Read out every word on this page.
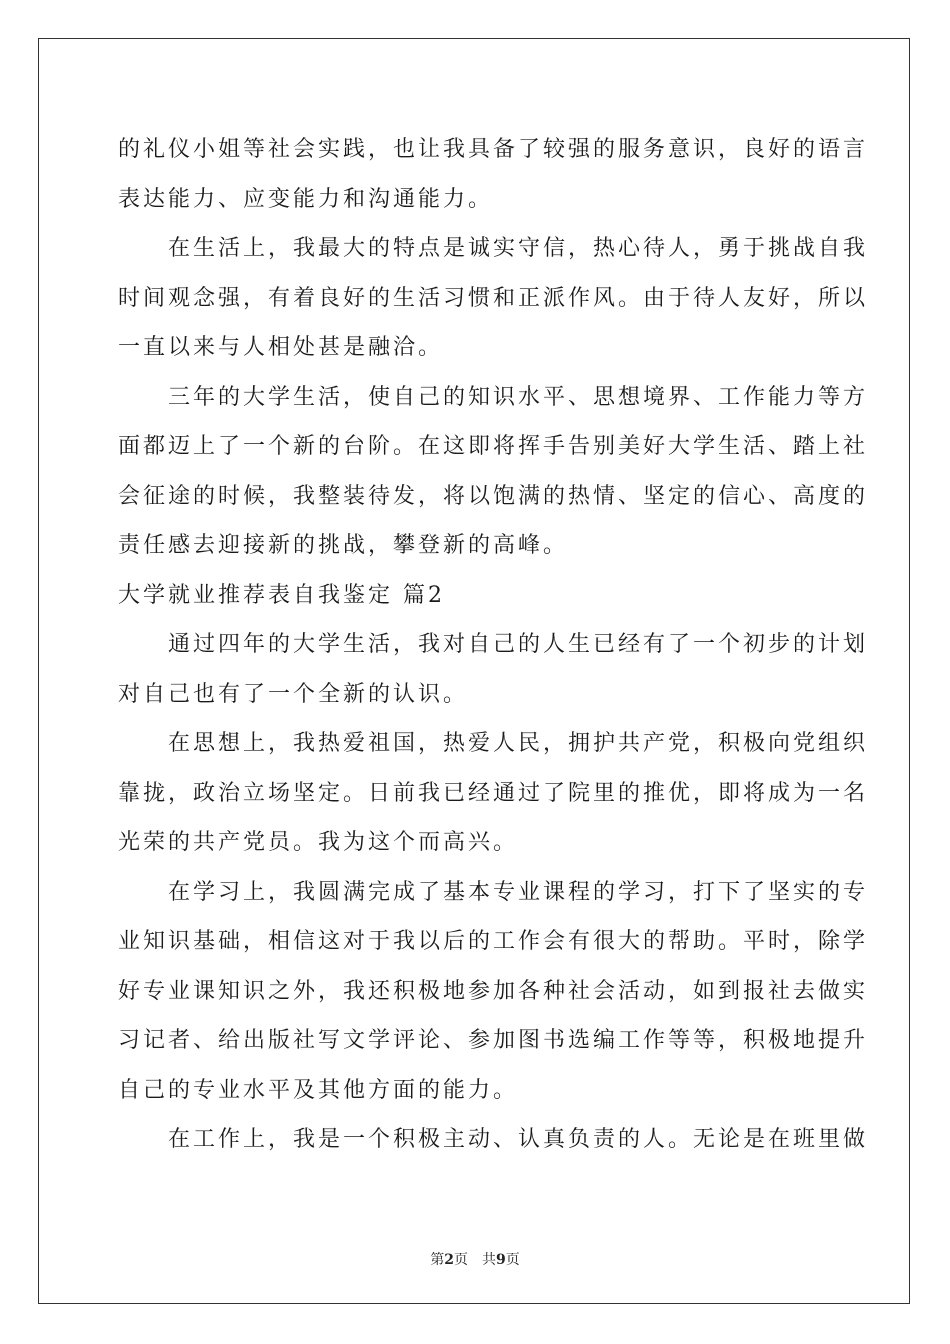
的礼仪小姐等社会实践，也让我具备了较强的服务意识，良好的语言
表达能力、应变能力和沟通能力。
　　在生活上，我最大的特点是诚实守信，热心待人，勇于挑战自我
时间观念强，有着良好的生活习惯和正派作风。由于待人友好，所以
一直以来与人相处甚是融洽。
　　三年的大学生活，使自己的知识水平、思想境界、工作能力等方
面都迈上了一个新的台阶。在这即将挥手告别美好大学生活、踏上社
会征途的时候，我整装待发，将以饱满的热情、坚定的信心、高度的
责任感去迎接新的挑战，攀登新的高峰。
大学就业推荐表自我鉴定 篇2
　　通过四年的大学生活，我对自己的人生已经有了一个初步的计划
对自己也有了一个全新的认识。
　　在思想上，我热爱祖国，热爱人民，拥护共产党，积极向党组织
靠拢，政治立场坚定。日前我已经通过了院里的推优，即将成为一名
光荣的共产党员。我为这个而高兴。
　　在学习上，我圆满完成了基本专业课程的学习，打下了坚实的专
业知识基础，相信这对于我以后的工作会有很大的帮助。平时，除学
好专业课知识之外，我还积极地参加各种社会活动，如到报社去做实
习记者、给出版社写文学评论、参加图书选编工作等等，积极地提升
自己的专业水平及其他方面的能力。
　　在工作上，我是一个积极主动、认真负责的人。无论是在班里做
第2页　共9页
